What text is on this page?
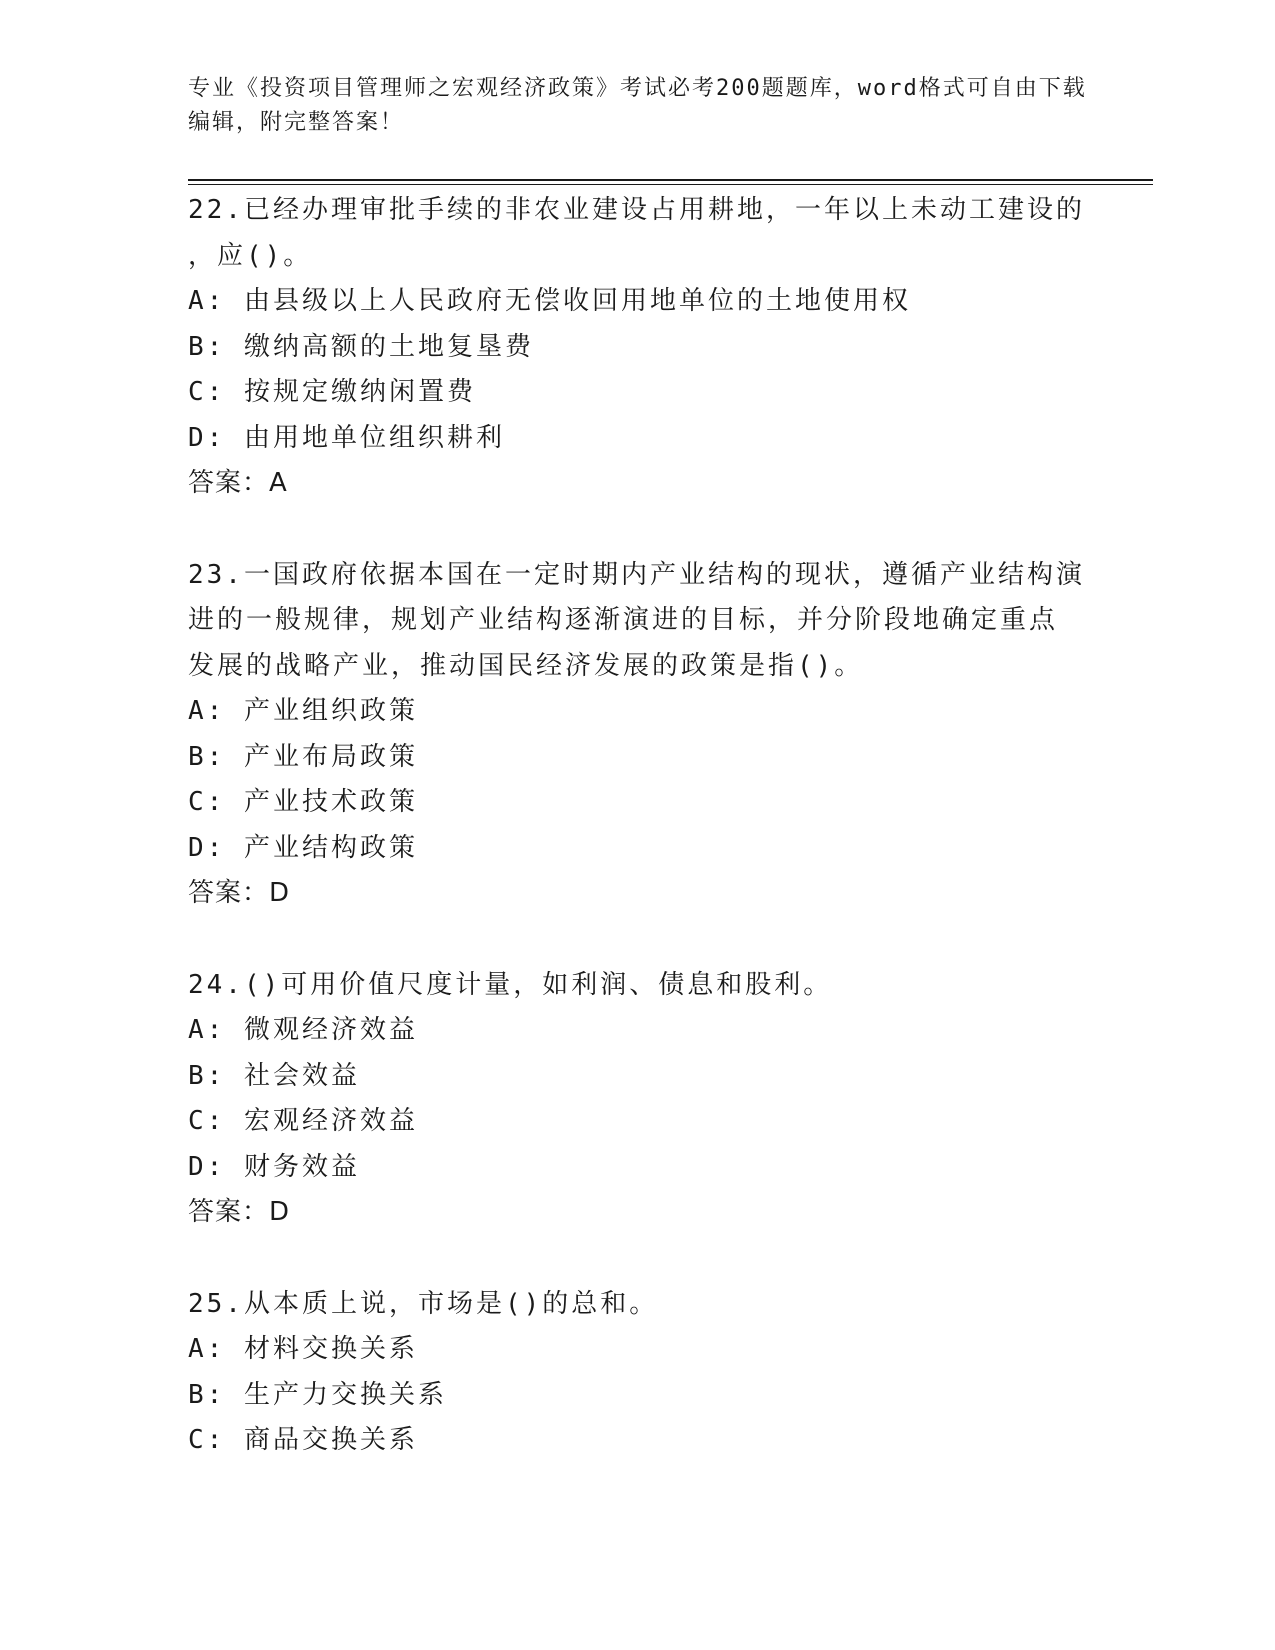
专业《投资项目管理师之宏观经济政策》考试必考200题题库，word格式可自由下载编辑，附完整答案！
22.已经办理审批手续的非农业建设占用耕地，一年以上未动工建设的
，应()。
A: 由县级以上人民政府无偿收回用地单位的土地使用权
B: 缴纳高额的土地复垦费
C: 按规定缴纳闲置费
D: 由用地单位组织耕利
答案：A
23.一国政府依据本国在一定时期内产业结构的现状，遵循产业结构演
进的一般规律，规划产业结构逐渐演进的目标，并分阶段地确定重点
发展的战略产业，推动国民经济发展的政策是指()。
A: 产业组织政策
B: 产业布局政策
C: 产业技术政策
D: 产业结构政策
答案：D
24.()可用价值尺度计量，如利润、债息和股利。
A: 微观经济效益
B: 社会效益
C: 宏观经济效益
D: 财务效益
答案：D
25.从本质上说，市场是()的总和。
A: 材料交换关系
B: 生产力交换关系
C: 商品交换关系
